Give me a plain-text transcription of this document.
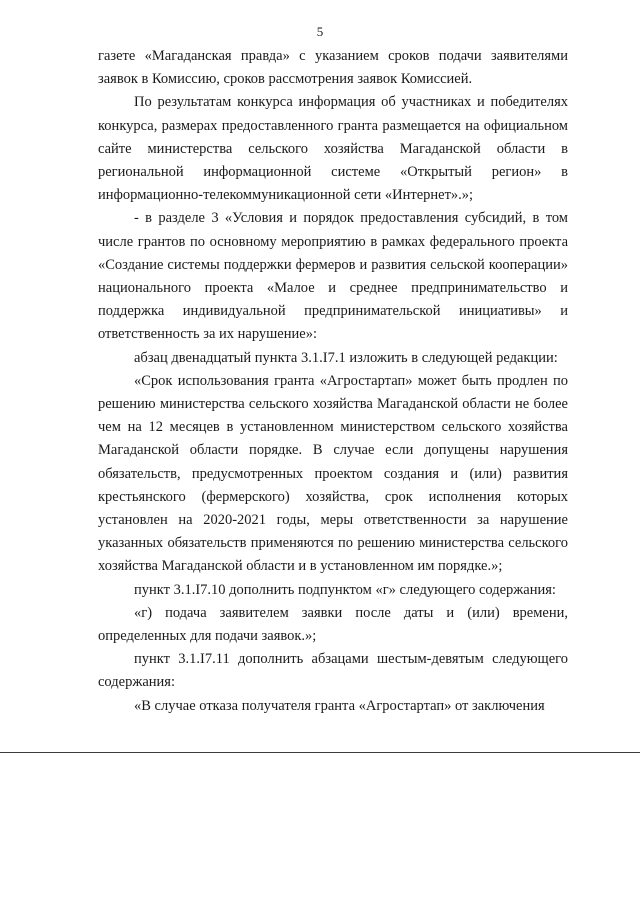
5

газете «Магаданская правда» с указанием сроков подачи заявителями заявок в Комиссию, сроков рассмотрения заявок Комиссией.

По результатам конкурса информация об участниках и победителях конкурса, размерах предоставленного гранта размещается на официальном сайте министерства сельского хозяйства Магаданской области в региональной информационной системе «Открытый регион» в информационно-телекоммуникационной сети «Интернет».»;

- в разделе 3 «Условия и порядок предоставления субсидий, в том числе грантов по основному мероприятию в рамках федерального проекта «Создание системы поддержки фермеров и развития сельской кооперации» национального проекта «Малое и среднее предпринимательство и поддержка индивидуальной предпринимательской инициативы» и ответственность за их нарушение»:

абзац двенадцатый пункта 3.1.I7.1 изложить в следующей редакции:

«Срок использования гранта «Агростартап» может быть продлен по решению министерства сельского хозяйства Магаданской области не более чем на 12 месяцев в установленном министерством сельского хозяйства Магаданской области порядке. В случае если допущены нарушения обязательств, предусмотренных проектом создания и (или) развития крестьянского (фермерского) хозяйства, срок исполнения которых установлен на 2020-2021 годы, меры ответственности за нарушение указанных обязательств применяются по решению министерства сельского хозяйства Магаданской области и в установленном им порядке.»;

пункт 3.1.I7.10 дополнить подпунктом «г» следующего содержания:

«г) подача заявителем заявки после даты и (или) времени, определенных для подачи заявок.»;

пункт 3.1.I7.11 дополнить абзацами шестым-девятым следующего содержания:

«В случае отказа получателя гранта «Агростартап» от заключения
